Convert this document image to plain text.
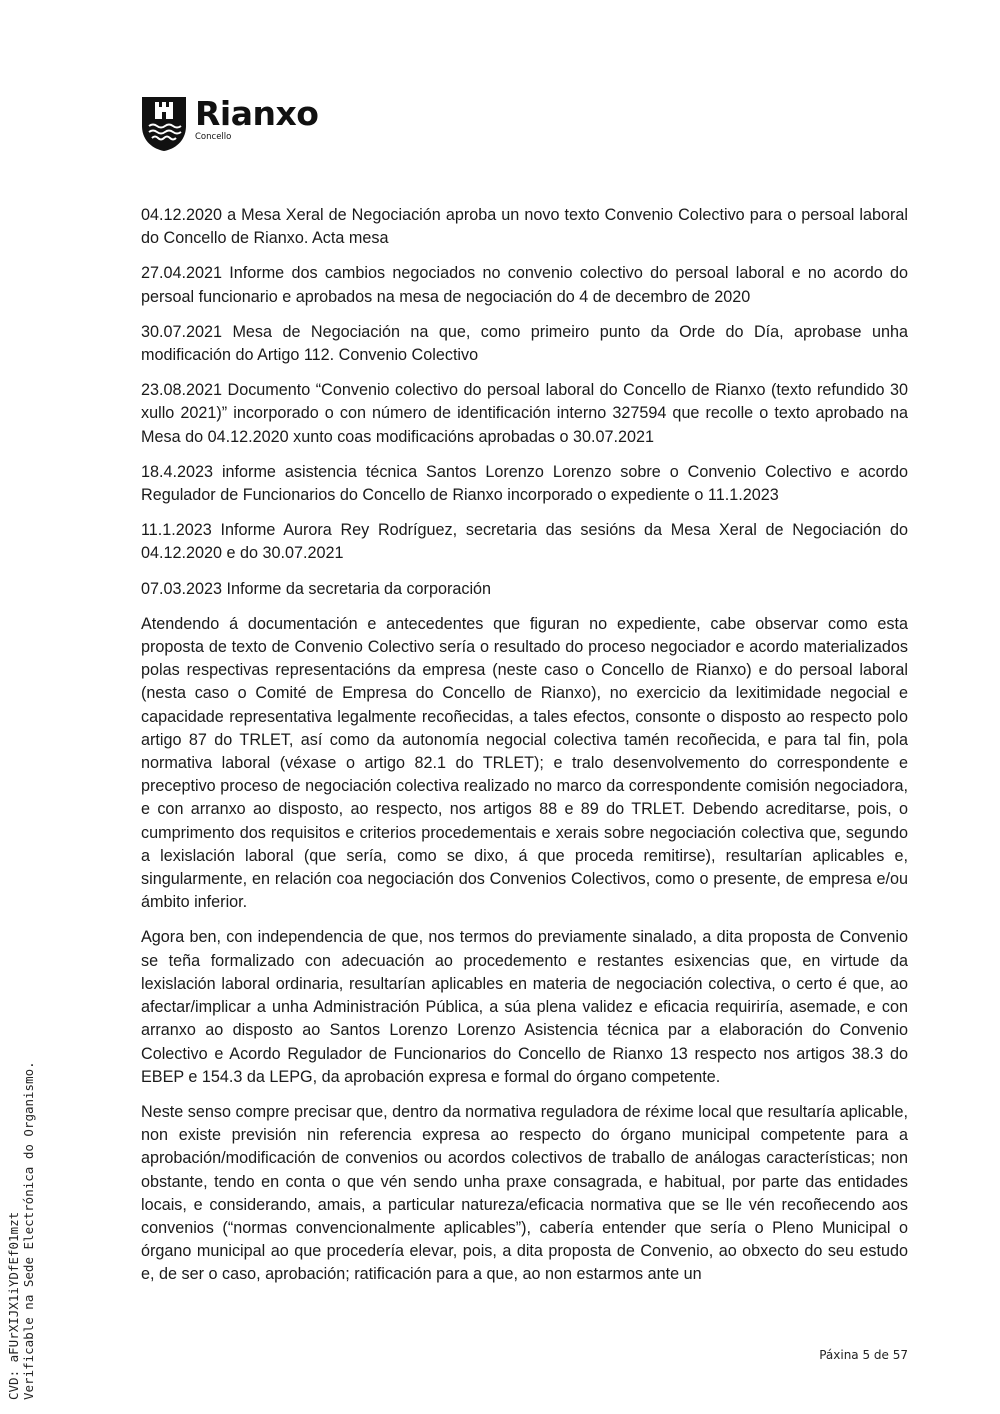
Rianxo
Concello

04.12.2020 a Mesa Xeral de Negociación aproba un novo texto Convenio Colectivo para o persoal laboral do Concello de Rianxo. Acta mesa

27.04.2021 Informe dos cambios negociados no convenio colectivo do persoal laboral e no acordo do persoal funcionario e aprobados na mesa de negociación do 4 de decembro de 2020

30.07.2021 Mesa de Negociación na que, como primeiro punto da Orde do Día, aprobase unha modificación do Artigo 112. Convenio Colectivo

23.08.2021 Documento “Convenio colectivo do persoal laboral do Concello de Rianxo (texto refundido 30 xullo 2021)” incorporado o con número de identificación interno 327594 que recolle o texto aprobado na Mesa do 04.12.2020 xunto coas modificacións aprobadas o 30.07.2021

18.4.2023 informe asistencia técnica Santos Lorenzo Lorenzo sobre o Convenio Colectivo e acordo Regulador de Funcionarios do Concello de Rianxo incorporado o expediente o 11.1.2023

11.1.2023 Informe Aurora Rey Rodríguez, secretaria das sesións da Mesa Xeral de Negociación do 04.12.2020 e do 30.07.2021

07.03.2023 Informe da secretaria da corporación

Atendendo á documentación e antecedentes que figuran no expediente, cabe observar como esta proposta de texto de Convenio Colectivo sería o resultado do proceso negociador e acordo materializados polas respectivas representacións da empresa (neste caso o Concello de Rianxo) e do persoal laboral (nesta caso o Comité de Empresa do Concello de Rianxo), no exercicio da lexitimidade negocial e capacidade representativa legalmente recoñecidas, a tales efectos, consonte o disposto ao respecto polo artigo 87 do TRLET, así como da autonomía negocial colectiva tamén recoñecida, e para tal fin, pola normativa laboral (véxase o artigo 82.1 do TRLET); e tralo desenvolvemento do correspondente e preceptivo proceso de negociación colectiva realizado no marco da correspondente comisión negociadora, e con arranxo ao disposto, ao respecto, nos artigos 88 e 89 do TRLET. Debendo acreditarse, pois, o cumprimento dos requisitos e criterios procedementais e xerais sobre negociación colectiva que, segundo a lexislación laboral (que sería, como se dixo, á que proceda remitirse), resultarían aplicables e, singularmente, en relación coa negociación dos Convenios Colectivos, como o presente, de empresa e/ou ámbito inferior.

Agora ben, con independencia de que, nos termos do previamente sinalado, a dita proposta de Convenio se teña formalizado con adecuación ao procedemento e restantes esixencias que, en virtude da lexislación laboral ordinaria, resultarían aplicables en materia de negociación colectiva, o certo é que, ao afectar/implicar a unha Administración Pública, a súa plena validez e eficacia requiriría, asemade, e con arranxo ao disposto ao Santos Lorenzo Lorenzo Asistencia técnica par a elaboración do Convenio Colectivo e Acordo Regulador de Funcionarios do Concello de Rianxo 13 respecto nos artigos 38.3 do EBEP e 154.3 da LEPG, da aprobación expresa e formal do órgano competente.

Neste senso compre precisar que, dentro da normativa reguladora de réxime local que resultaría aplicable, non existe previsión nin referencia expresa ao respecto do órgano municipal competente para a aprobación/modificación de convenios ou acordos colectivos de traballo de análogas características; non obstante, tendo en conta o que vén sendo unha praxe consagrada, e habitual, por parte das entidades locais, e considerando, amais, a particular natureza/eficacia normativa que se lle vén recoñecendo aos convenios (“normas convencionalmente aplicables”), cabería entender que sería o Pleno Municipal o órgano municipal ao que procedería elevar, pois, a dita proposta de Convenio, ao obxecto do seu estudo e, de ser o caso, aprobación; ratificación para a que, ao non estarmos ante un

CVD: aFUrXIJX1iYDfEf01mzt Verificable na Sede Electrónica do Organismo.	Páxina 5 de 57
